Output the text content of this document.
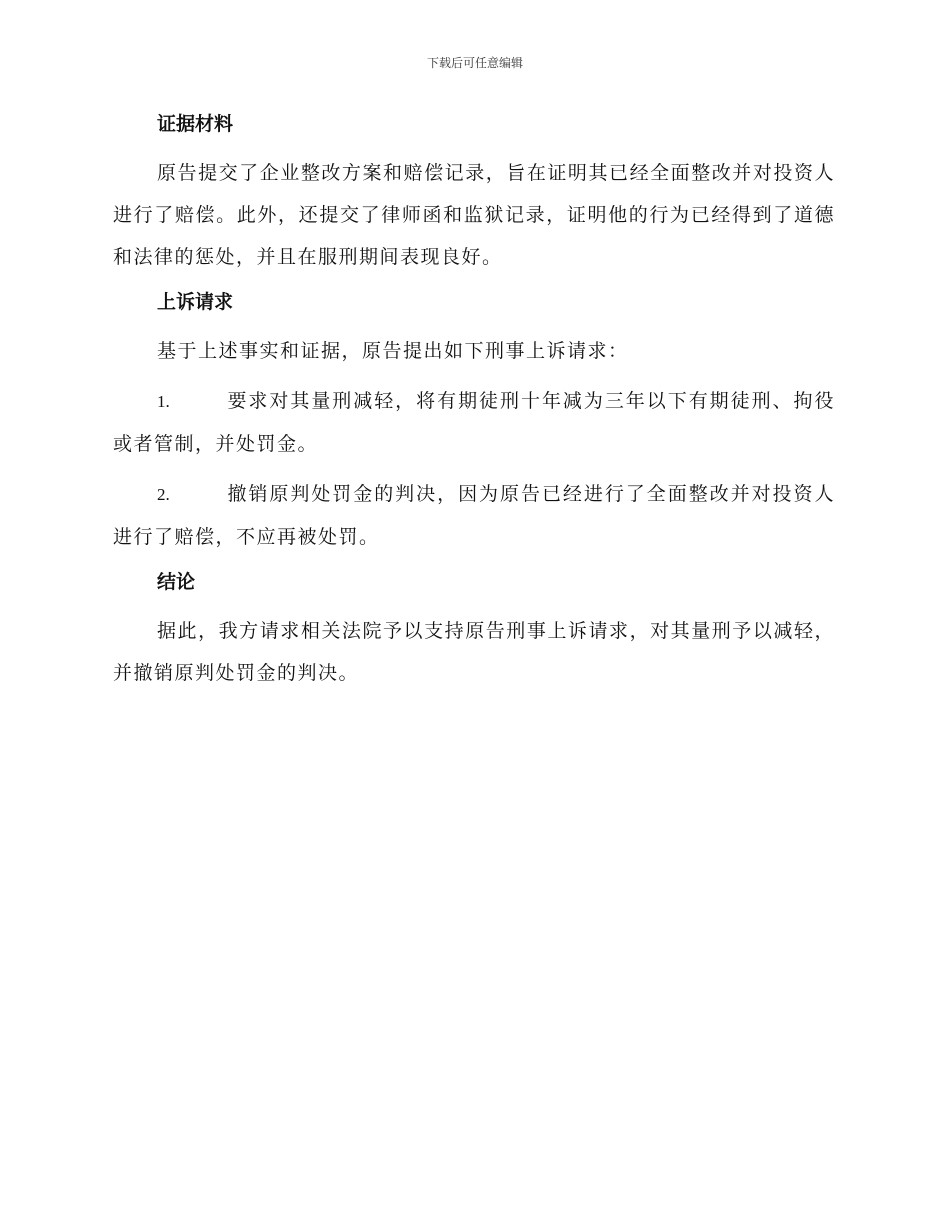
下载后可任意编辑
证据材料

原告提交了企业整改方案和赔偿记录，旨在证明其已经全面整改并对投资人进行了赔偿。此外，还提交了律师函和监狱记录，证明他的行为已经得到了道德和法律的惩处，并且在服刑期间表现良好。

上诉请求

基于上述事实和证据，原告提出如下刑事上诉请求：

1.	要求对其量刑减轻，将有期徒刑十年减为三年以下有期徒刑、拘役或者管制，并处罚金。

2.	撤销原判处罚金的判决，因为原告已经进行了全面整改并对投资人进行了赔偿，不应再被处罚。

结论

据此，我方请求相关法院予以支持原告刑事上诉请求，对其量刑予以减轻，并撤销原判处罚金的判决。
